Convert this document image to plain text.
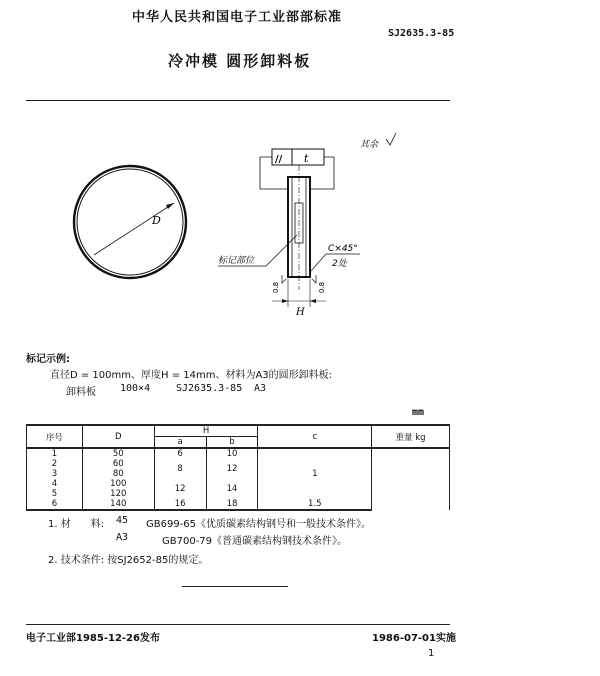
中华人民共和国电子工业部部标准
SJ2635.3-85
冷冲模 圆形卸料板
D
// t
其余
标记部位
C×45°
2处
0.8	0.8
H
标记示例:
直径D = 100mm、厚度H = 14mm、材料为A3的圆形卸料板:
卸料板 100×4	SJ2635.3-85 A3
mm
序号	D	H		c	重量 kg
		a	b		
1	50	6	10	1	
2	60	8	12		
3	80				
4	100	12	14		
5	120				
6	140	16	18	1.5	
1. 材　　料: 45 GB699-65《优质碳素结构钢号和一般技术条件》。
A3	GB700-79《普通碳素结构钢技术条件》。
2. 技术条件: 按SJ2652-85的规定。
电子工业部1985-12-26发布	1986-07-01实施
1
